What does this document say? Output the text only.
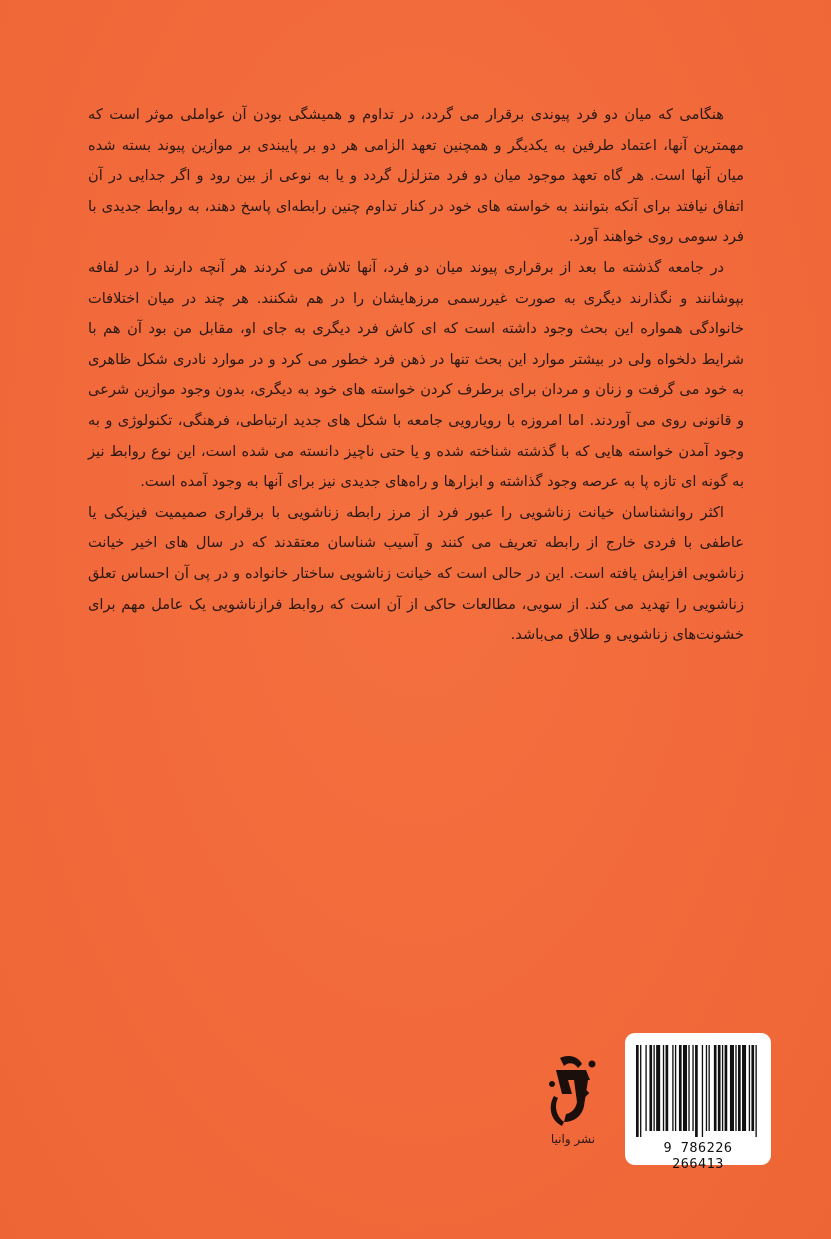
هنگامی که میان دو فرد پیوندی برقرار می گردد، در تداوم و همیشگی بودن آن عواملی موثر است که مهمترین آنها، اعتماد طرفین به یکدیگر و همچنین تعهد الزامی هر دو بر پایبندی بر موازین پیوند بسته شده میان آنها است. هر گاه تعهد موجود میان دو فرد متزلزل گردد و یا به نوعی از بین رود و اگر جدایی در آن اتفاق نیافتد برای آنکه بتوانند به خواسته های خود در کنار تداوم چنین رابطه‌ای پاسخ دهند، به روابط جدیدی با فرد سومی روی خواهند آورد.

در جامعه گذشته ما بعد از برقراری پیوند میان دو فرد، آنها تلاش می کردند هر آنچه دارند را در لفافه بپوشانند و نگذارند دیگری به صورت غیررسمی مرزهایشان را در هم شکنند. هر چند در میان اختلافات خانوادگی همواره این بحث وجود داشته است که ای کاش فرد دیگری به جای او، مقابل من بود آن هم با شرایط دلخواه ولی در بیشتر موارد این بحث تنها در ذهن فرد خطور می کرد و در موارد نادری شکل ظاهری به خود می گرفت و زنان و مردان برای برطرف کردن خواسته های خود به دیگری، بدون وجود موازین شرعی و قانونی روی می آوردند. اما امروزه با رویارویی جامعه با شکل های جدید ارتباطی، فرهنگی، تکنولوژی و به وجود آمدن خواسته هایی که با گذشته شناخته شده و یا حتی ناچیز دانسته می شده است، این نوع روابط نیز به گونه ای تازه پا به عرصه وجود گذاشته و ابزارها و راه‌های جدیدی نیز برای آنها به وجود آمده است.

اکثر روانشناسان خیانت زناشویی را عبور فرد از مرز رابطه زناشویی با برقراری صمیمیت فیزیکی یا عاطفی با فردی خارج از رابطه تعریف می کنند و آسیب شناسان معتقدند که در سال های اخیر خیانت زناشویی افزایش یافته است. این در حالی است که خیانت زناشویی ساختار خانواده و در پی آن احساس تعلق زناشویی را تهدید می کند. از سویی، مطالعات حاکی از آن است که روابط فرازناشویی یک عامل مهم برای خشونت‌های زناشویی و طلاق می‌باشد.

نشر وانیا
9 786226 266413
